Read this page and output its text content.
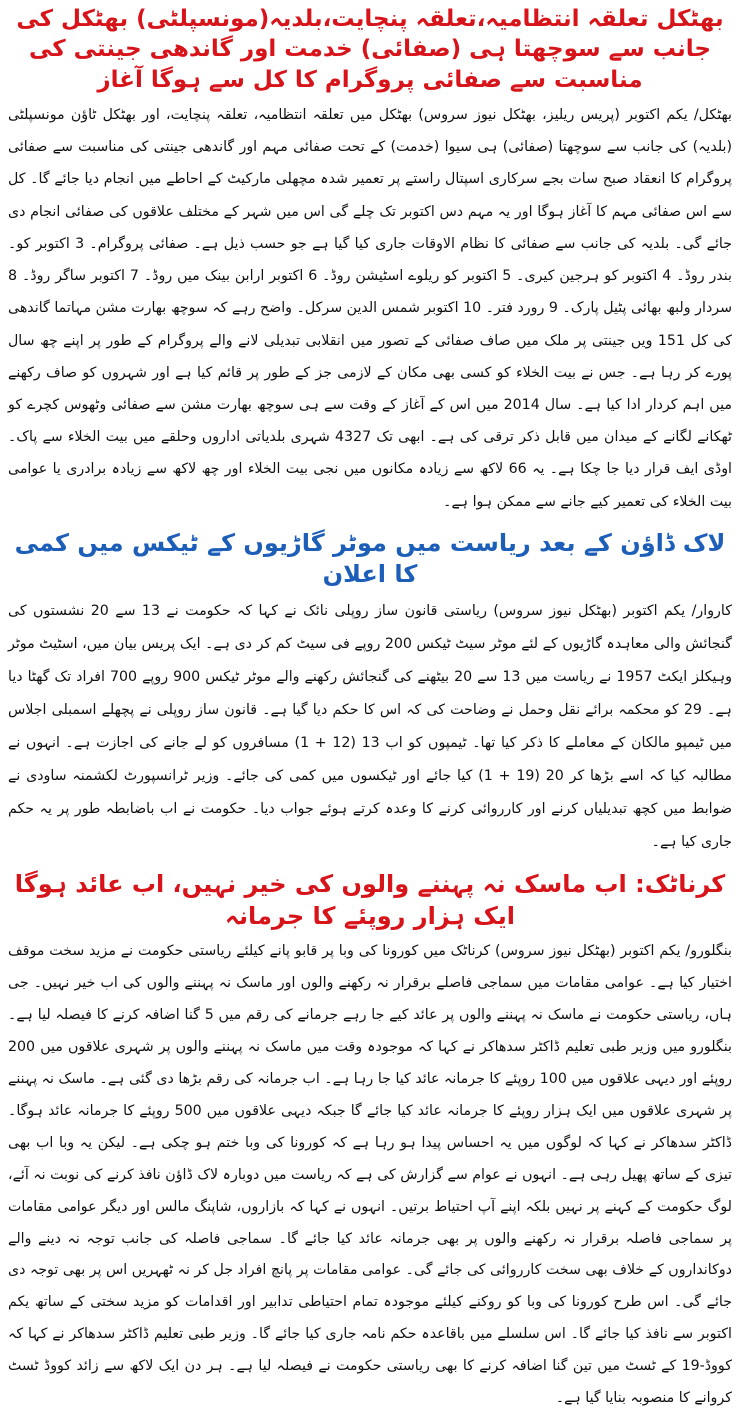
بھٹکل تعلقہ انتظامیہ،تعلقہ پنچایت،بلدیہ(مونسپلٹی) بھٹکل کی جانب سے سوچھتا ہی (صفائی) خدمت اور گاندھی جینتی کی مناسبت سے صفائی پروگرام کا کل سے ہوگا آغاز

بھٹکل/ یکم اکتوبر (پریس ریلیز، بھٹکل نیوز سروس) بھٹکل میں تعلقہ انتظامیہ، تعلقہ پنچایت، اور بھٹکل ٹاؤن مونسپلٹی (بلدیہ) کی جانب سے سوچھتا (صفائی) ہی سیوا (خدمت) کے تحت صفائی مہم اور گاندھی جینتی کی مناسبت سے صفائی پروگرام کا انعقاد صبح سات بجے سرکاری اسپتال راستے پر تعمیر شدہ مچھلی مارکیٹ کے احاطے میں انجام دیا جائے گا۔ کل سے اس صفائی مہم کا آغاز ہوگا اور یہ مہم دس اکتوبر تک چلے گی اس میں شہر کے مختلف علاقوں کی صفائی انجام دی جائے گی۔ بلدیہ کی جانب سے صفائی کا نظام الاوقات جاری کیا گیا ہے جو حسب ذیل ہے۔ صفائی پروگرام۔ 3 اکتوبر کو۔ بندر روڈ۔ 4 اکتوبر کو ہرجین کیری۔ 5 اکتوبر کو ریلوے اسٹیشن روڈ۔ 6 اکتوبر ارابن بینک میں روڈ۔ 7 اکتوبر ساگر روڈ۔ 8 سردار ولبھ بھائی پٹیل پارک۔ 9 رورد فتر۔ 10 اکتوبر شمس الدین سرکل۔ واضح رہے کہ سوچھ بھارت مشن مہاتما گاندھی کی کل 151 ویں جینتی پر ملک میں صاف صفائی کے تصور میں انقلابی تبدیلی لانے والے پروگرام کے طور پر اپنے چھ سال پورے کر رہا ہے۔ جس نے بیت الخلاء کو کسی بھی مکان کے لازمی جز کے طور پر قائم کیا ہے اور شہروں کو صاف رکھنے میں اہم کردار ادا کیا ہے۔ سال 2014 میں اس کے آغاز کے وقت سے ہی سوچھ بھارت مشن سے صفائی وٹھوس کچرے کو ٹھکانے لگانے کے میدان میں قابل ذکر ترقی کی ہے۔ ابھی تک 4327 شہری بلدیاتی اداروں وحلقے میں بیت الخلاء سے پاک۔ اوڈی ایف قرار دیا جا چکا ہے۔ یہ 66 لاکھ سے زیادہ مکانوں میں نجی بیت الخلاء اور چھ لاکھ سے زیادہ برادری یا عوامی بیت الخلاء کی تعمیر کیے جانے سے ممکن ہوا ہے۔

لاک ڈاؤن کے بعد ریاست میں موٹر گاڑیوں کے ٹیکس میں کمی کا اعلان

کاروار/ یکم اکتوبر (بھٹکل نیوز سروس) ریاستی قانون ساز روپلی نائک نے کہا کہ حکومت نے 13 سے 20 نشستوں کی گنجائش والی معاہدہ گاڑیوں کے لئے موٹر سیٹ ٹیکس 200 روپے فی سیٹ کم کر دی ہے۔ ایک پریس بیان میں، اسٹیٹ موٹر وہیکلز ایکٹ 1957 نے ریاست میں 13 سے 20 بیٹھنے کی گنجائش رکھنے والے موٹر ٹیکس 900 روپے 700 افراد تک گھٹا دیا ہے۔ 29 کو محکمہ برائے نقل وحمل نے وضاحت کی کہ اس کا حکم دیا گیا ہے۔ قانون ساز روپلی نے پچھلے اسمبلی اجلاس میں ٹیمپو مالکان کے معاملے کا ذکر کیا تھا۔ ٹیمپوں کو اب 13 (12 + 1) مسافروں کو لے جانے کی اجازت ہے۔ انہوں نے مطالبہ کیا کہ اسے بڑھا کر 20 (19 + 1) کیا جائے اور ٹیکسوں میں کمی کی جائے۔ وزیر ٹرانسپورٹ لکشمنہ ساودی نے ضوابط میں کچھ تبدیلیاں کرنے اور کارروائی کرنے کا وعدہ کرتے ہوئے جواب دیا۔ حکومت نے اب باضابطہ طور پر یہ حکم جاری کیا ہے۔

کرناٹک: اب ماسک نہ پہننے والوں کی خیر نہیں، اب عائد ہوگا ایک ہزار روپئے کا جرمانہ

بنگلورو/ یکم اکتوبر (بھٹکل نیوز سروس) کرناٹک میں کورونا کی وبا پر قابو پانے کیلئے ریاستی حکومت نے مزید سخت موقف اختیار کیا ہے۔ عوامی مقامات میں سماجی فاصلے برقرار نہ رکھنے والوں اور ماسک نہ پہننے والوں کی اب خیر نہیں۔ جی ہاں، ریاستی حکومت نے ماسک نہ پہننے والوں پر عائد کیے جا رہے جرمانے کی رقم میں 5 گنا اضافہ کرنے کا فیصلہ لیا ہے۔ بنگلورو میں وزیر طبی تعلیم ڈاکٹر سدھاکر نے کہا کہ موجودہ وقت میں ماسک نہ پہننے والوں پر شہری علاقوں میں 200 روپئے اور دیہی علاقوں میں 100 روپئے کا جرمانہ عائد کیا جا رہا ہے۔ اب جرمانہ کی رقم بڑھا دی گئی ہے۔ ماسک نہ پہننے پر شہری علاقوں میں ایک ہزار روپئے کا جرمانہ عائد کیا جائے گا جبکہ دیہی علاقوں میں 500 روپئے کا جرمانہ عائد ہوگا۔ ڈاکٹر سدھاکر نے کہا کہ لوگوں میں یہ احساس پیدا ہو رہا ہے کہ کورونا کی وبا ختم ہو چکی ہے۔ لیکن یہ وبا اب بھی تیزی کے ساتھ پھیل رہی ہے۔ انہوں نے عوام سے گزارش کی ہے کہ ریاست میں دوبارہ لاک ڈاؤن نافذ کرنے کی نوبت نہ آئے، لوگ حکومت کے کہنے پر نہیں بلکہ اپنے آپ احتیاط برتیں۔ انہوں نے کہا کہ بازاروں، شاپنگ مالس اور دیگر عوامی مقامات پر سماجی فاصلہ برقرار نہ رکھنے والوں پر بھی جرمانہ عائد کیا جائے گا۔ سماجی فاصلہ کی جانب توجہ نہ دینے والے دوکانداروں کے خلاف بھی سخت کارروائی کی جائے گی۔ عوامی مقامات پر پانچ افراد جل کر نہ ٹھہریں اس پر بھی توجہ دی جائے گی۔ اس طرح کورونا کی وبا کو روکنے کیلئے موجودہ تمام احتیاطی تدابیر اور اقدامات کو مزید سختی کے ساتھ یکم اکتوبر سے نافذ کیا جائے گا۔ اس سلسلے میں باقاعدہ حکم نامہ جاری کیا جائے گا۔ وزیر طبی تعلیم ڈاکٹر سدھاکر نے کہا کہ کووڈ-19 کے ٹسٹ میں تین گنا اضافہ کرنے کا بھی ریاستی حکومت نے فیصلہ لیا ہے۔ ہر دن ایک لاکھ سے زائد کووڈ ٹسٹ کروانے کا منصوبہ بنایا گیا ہے۔
